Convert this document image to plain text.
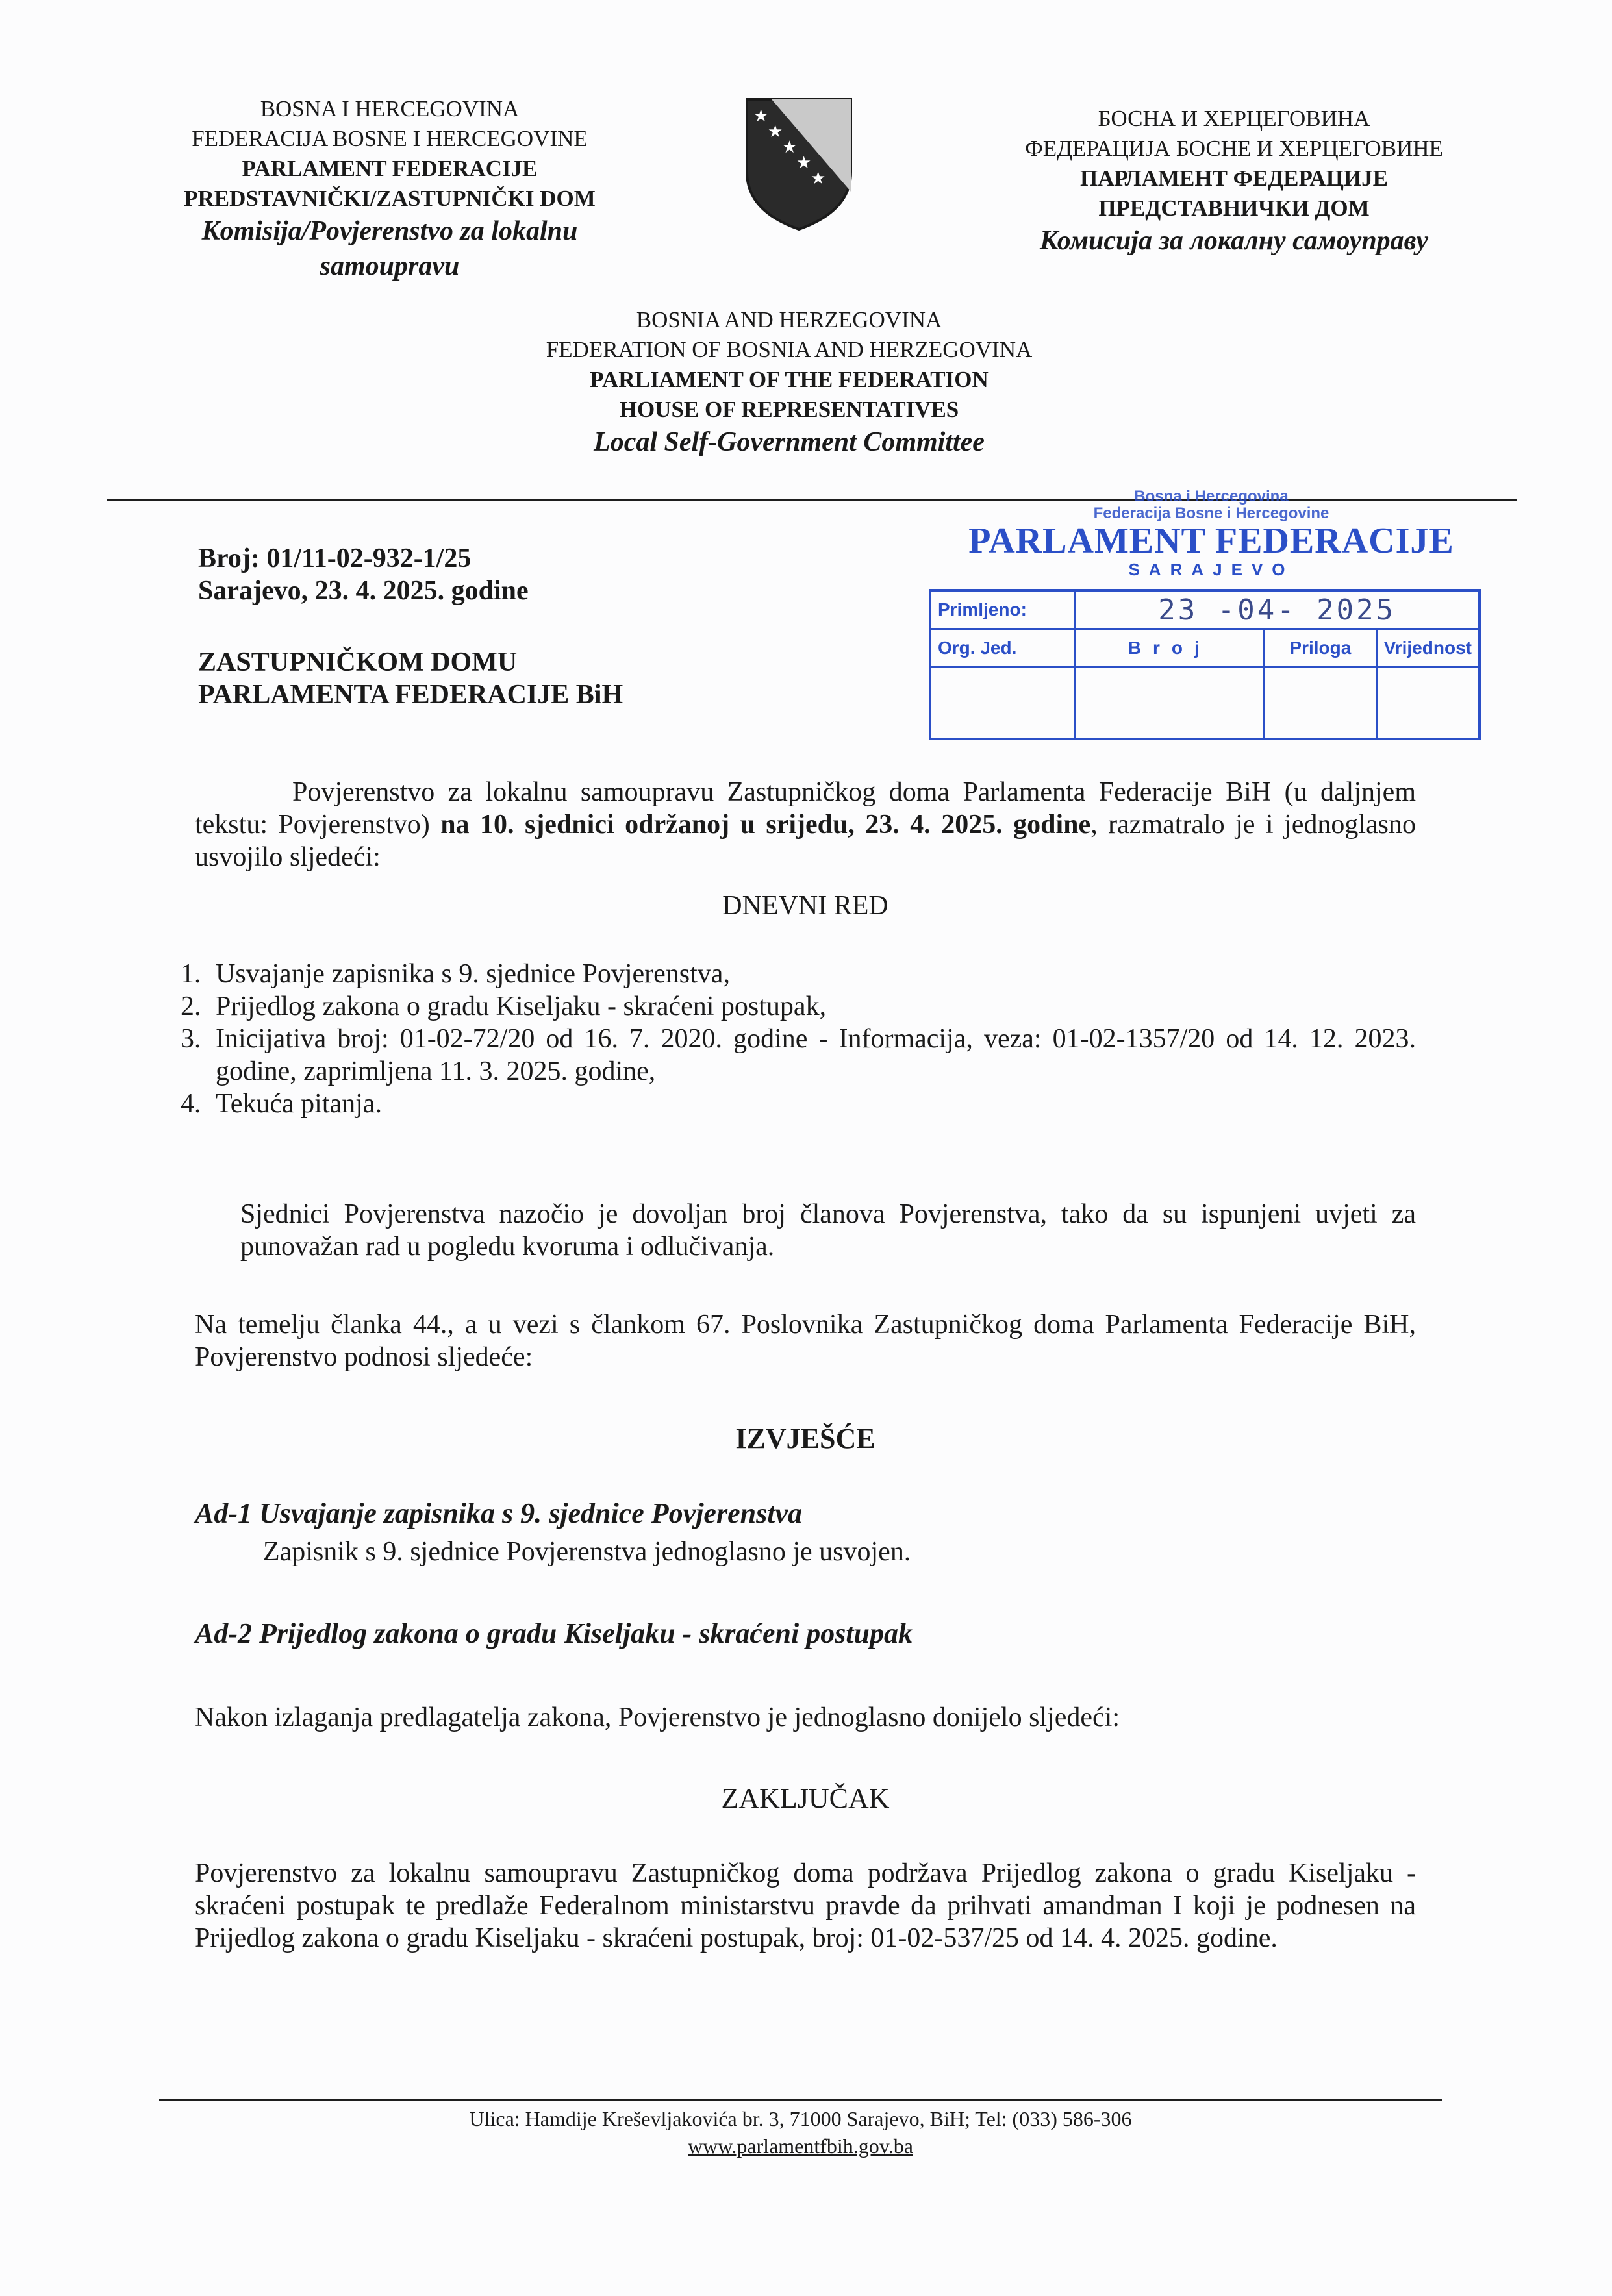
BOSNA I HERCEGOVINA
FEDERACIJA BOSNE I HERCEGOVINE
PARLAMENT FEDERACIJE
PREDSTAVNIČKI/ZASTUPNIČKI DOM
Komisija/Povjerenstvo za lokalnu
samoupravu
★
★
★
★
★
БОСНА И ХЕРЦЕГОВИНА
ФЕДЕРАЦИЈА БОСНЕ И ХЕРЦЕГОВИНЕ
ПАРЛАМЕНТ ФЕДЕРАЦИЈЕ
ПРЕДСТАВНИЧКИ ДОМ
Комисија за локалну самоуправу
BOSNIA AND HERZEGOVINA
FEDERATION OF BOSNIA AND HERZEGOVINA
PARLIAMENT OF THE FEDERATION
HOUSE OF REPRESENTATIVES
Local Self-Government Committee
Bosna i Hercegovina
Federacija Bosne i Hercegovine
PARLAMENT FEDERACIJE
SARAJEVO
Primljeno:	23 -04- 2025		
Org. Jed.	Broj	Priloga	Vrijednost

Broj: 01/11-02-932-1/25
Sarajevo, 23. 4. 2025. godine
ZASTUPNIČKOM DOMU
PARLAMENTA FEDERACIJE BiH
Povjerenstvo za lokalnu samoupravu Zastupničkog doma Parlamenta Federacije BiH (u daljnjem tekstu: Povjerenstvo) na 10. sjednici održanoj u srijedu, 23. 4. 2025. godine, razmatralo je i jednoglasno usvojilo sljedeći:
DNEVNI RED
1. Usvajanje zapisnika s 9. sjednice Povjerenstva,
2. Prijedlog zakona o gradu Kiseljaku - skraćeni postupak,
3. Inicijativa broj: 01-02-72/20 od 16. 7. 2020. godine - Informacija, veza: 01-02-1357/20 od 14. 12. 2023. godine, zaprimljena 11. 3. 2025. godine,
4. Tekuća pitanja.
Sjednici Povjerenstva nazočio je dovoljan broj članova Povjerenstva, tako da su ispunjeni uvjeti za punovažan rad u pogledu kvoruma i odlučivanja.
Na temelju članka 44., a u vezi s člankom 67. Poslovnika Zastupničkog doma Parlamenta Federacije BiH, Povjerenstvo podnosi sljedeće:
IZVJEŠĆE
Ad-1 Usvajanje zapisnika s 9. sjednice Povjerenstva
Zapisnik s 9. sjednice Povjerenstva jednoglasno je usvojen.
Ad-2 Prijedlog zakona o gradu Kiseljaku - skraćeni postupak
Nakon izlaganja predlagatelja zakona, Povjerenstvo je jednoglasno donijelo sljedeći:
ZAKLJUČAK
Povjerenstvo za lokalnu samoupravu Zastupničkog doma podržava Prijedlog zakona o gradu Kiseljaku - skraćeni postupak te predlaže Federalnom ministarstvu pravde da prihvati amandman I koji je podnesen na Prijedlog zakona o gradu Kiseljaku - skraćeni postupak, broj: 01-02-537/25 od 14. 4. 2025. godine.
Ulica: Hamdije Kreševljakovića br. 3, 71000 Sarajevo, BiH; Tel: (033) 586-306
www.parlamentfbih.gov.ba
